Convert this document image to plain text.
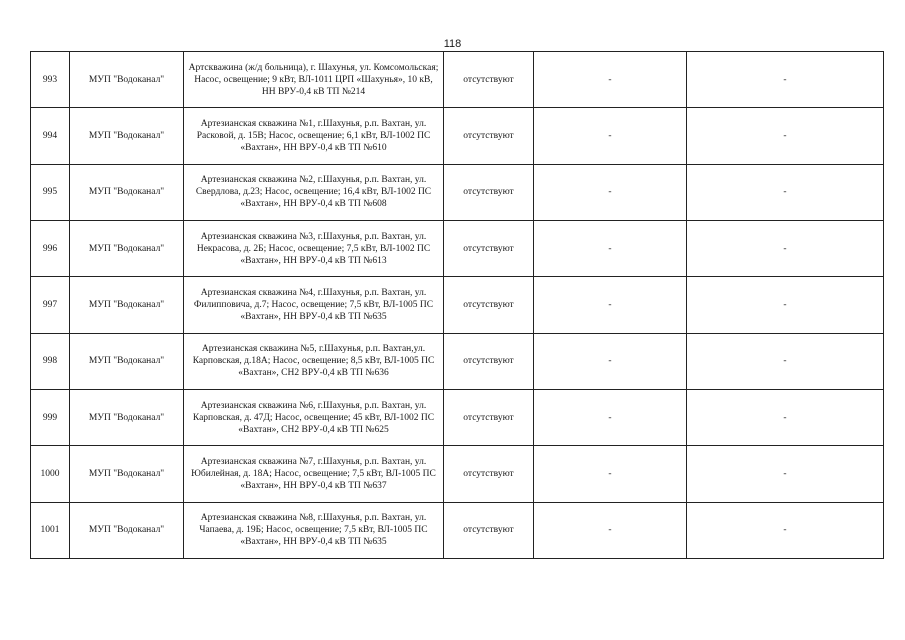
118
993	МУП "Водоканал"	Артскважина (ж/д больница), г. Шахунья, ул. Комсомольская; Насос, освещение; 9 кВт, ВЛ-1011 ЦРП «Шахунья», 10 кВ, НН ВРУ-0,4 кВ ТП №214	отсутствуют	-	-
994	МУП "Водоканал"	Артезианская скважина №1, г.Шахунья, р.п. Вахтан, ул. Расковой, д. 15В; Насос, освещение; 6,1 кВт, ВЛ-1002 ПС «Вахтан», НН ВРУ-0,4 кВ ТП №610	отсутствуют	-	-
995	МУП "Водоканал"	Артезианская скважина №2, г.Шахунья, р.п. Вахтан, ул. Свердлова, д.23; Насос, освещение; 16,4 кВт, ВЛ-1002 ПС «Вахтан», НН ВРУ-0,4 кВ ТП №608	отсутствуют	-	-
996	МУП "Водоканал"	Артезианская скважина №3, г.Шахунья, р.п. Вахтан, ул. Некрасова, д. 2Б; Насос, освещение; 7,5 кВт, ВЛ-1002 ПС «Вахтан», НН ВРУ-0,4 кВ ТП №613	отсутствуют	-	-
997	МУП "Водоканал"	Артезианская скважина №4, г.Шахунья, р.п. Вахтан, ул. Филипповича, д.7; Насос, освещение; 7,5 кВт, ВЛ-1005 ПС «Вахтан», НН ВРУ-0,4 кВ ТП №635	отсутствуют	-	-
998	МУП "Водоканал"	Артезианская скважина №5, г.Шахунья, р.п. Вахтан,ул. Карповская, д.18А; Насос, освещение; 8,5 кВт, ВЛ-1005 ПС «Вахтан», СН2 ВРУ-0,4 кВ ТП №636	отсутствуют	-	-
999	МУП "Водоканал"	Артезианская скважина №6, г.Шахунья, р.п. Вахтан, ул. Карповская, д. 47Д; Насос, освещение; 45 кВт, ВЛ-1002 ПС «Вахтан», СН2 ВРУ-0,4 кВ ТП №625	отсутствуют	-	-
1000	МУП "Водоканал"	Артезианская скважина №7, г.Шахунья, р.п. Вахтан, ул. Юбилейная, д. 18А; Насос, освещение; 7,5 кВт, ВЛ-1005 ПС «Вахтан», НН ВРУ-0,4 кВ ТП №637	отсутствуют	-	-
1001	МУП "Водоканал"	Артезианская скважина №8, г.Шахунья, р.п. Вахтан, ул. Чапаева, д. 19Б; Насос, освещение; 7,5 кВт, ВЛ-1005 ПС «Вахтан», НН ВРУ-0,4 кВ ТП №635	отсутствуют	-	-
